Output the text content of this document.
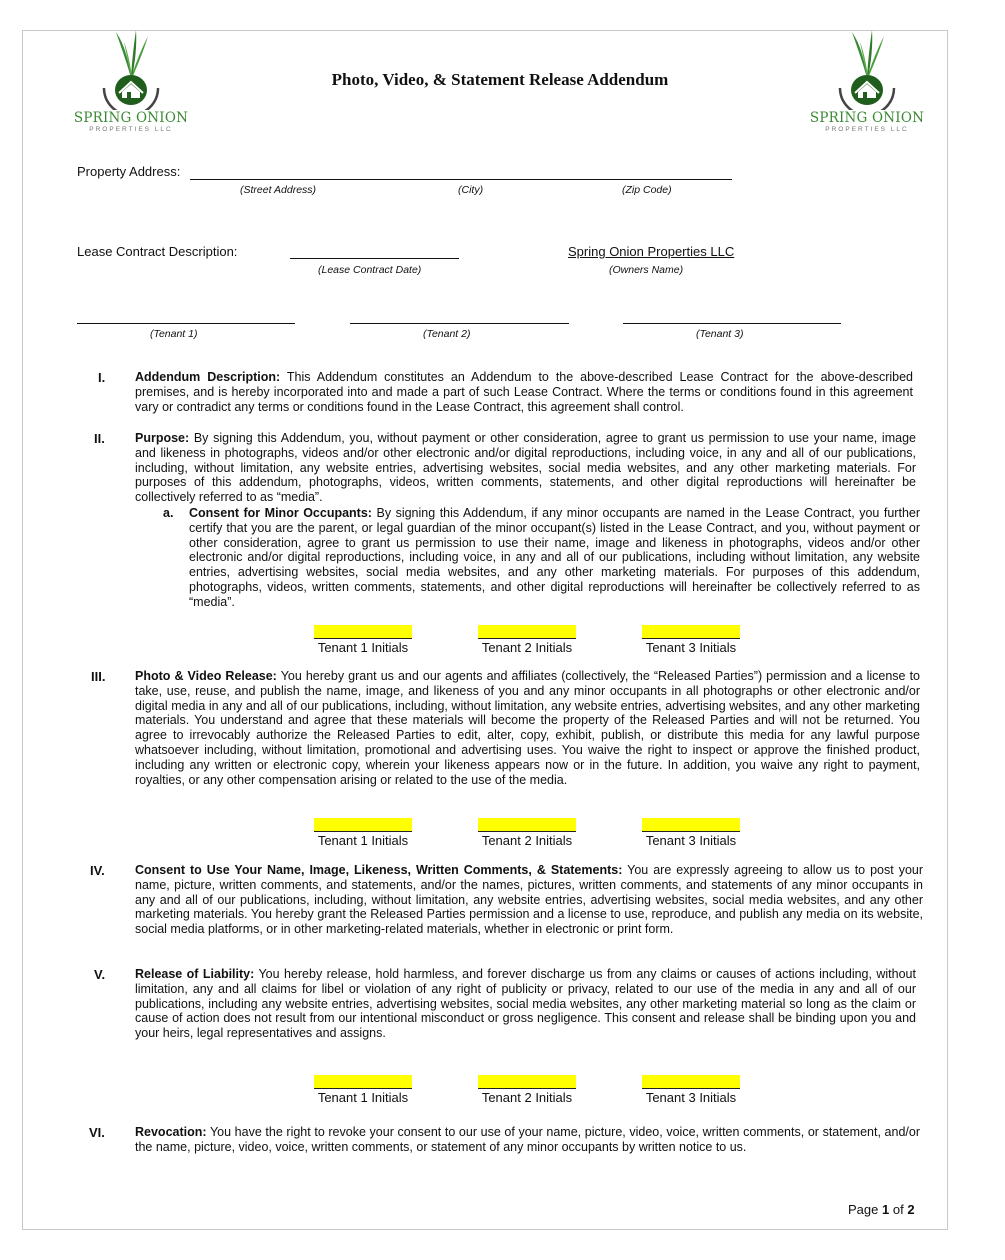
SPRING ONION
PROPERTIES LLC
SPRING ONION
PROPERTIES LLC
Photo, Video, & Statement Release Addendum
Property Address:
(Street Address)	(City)	(Zip Code)
Lease Contract Description:
(Lease Contract Date)
Spring Onion Properties LLC
(Owners Name)
(Tenant 1)	(Tenant 2)	(Tenant 3)
I. Addendum Description: This Addendum constitutes an Addendum to the above-described Lease Contract for the above-described premises, and is hereby incorporated into and made a part of such Lease Contract. Where the terms or conditions found in this agreement vary or contradict any terms or conditions found in the Lease Contract, this agreement shall control.
II. Purpose: By signing this Addendum, you, without payment or other consideration, agree to grant us permission to use your name, image and likeness in photographs, videos and/or other electronic and/or digital reproductions, including voice, in any and all of our publications, including, without limitation, any website entries, advertising websites, social media websites, and any other marketing materials. For purposes of this addendum, photographs, videos, written comments, statements, and other digital reproductions will hereinafter be collectively referred to as “media”.
a. Consent for Minor Occupants: By signing this Addendum, if any minor occupants are named in the Lease Contract, you further certify that you are the parent, or legal guardian of the minor occupant(s) listed in the Lease Contract, and you, without payment or other consideration, agree to grant us permission to use their name, image and likeness in photographs, videos and/or other electronic and/or digital reproductions, including voice, in any and all of our publications, including without limitation, any website entries, advertising websites, social media websites, and any other marketing materials. For purposes of this addendum, photographs, videos, written comments, statements, and other digital reproductions will hereinafter be collectively referred to as “media”.
Tenant 1 Initials	Tenant 2 Initials	Tenant 3 Initials
III. Photo & Video Release: You hereby grant us and our agents and affiliates (collectively, the “Released Parties”) permission and a license to take, use, reuse, and publish the name, image, and likeness of you and any minor occupants in all photographs or other electronic and/or digital media in any and all of our publications, including, without limitation, any website entries, advertising websites, and any other marketing materials. You understand and agree that these materials will become the property of the Released Parties and will not be returned. You agree to irrevocably authorize the Released Parties to edit, alter, copy, exhibit, publish, or distribute this media for any lawful purpose whatsoever including, without limitation, promotional and advertising uses. You waive the right to inspect or approve the finished product, including any written or electronic copy, wherein your likeness appears now or in the future. In addition, you waive any right to payment, royalties, or any other compensation arising or related to the use of the media.
Tenant 1 Initials	Tenant 2 Initials	Tenant 3 Initials
IV. Consent to Use Your Name, Image, Likeness, Written Comments, & Statements: You are expressly agreeing to allow us to post your name, picture, written comments, and statements, and/or the names, pictures, written comments, and statements of any minor occupants in any and all of our publications, including, without limitation, any website entries, advertising websites, social media websites, and any other marketing materials. You hereby grant the Released Parties permission and a license to use, reproduce, and publish any media on its website, social media platforms, or in other marketing-related materials, whether in electronic or print form.
V. Release of Liability: You hereby release, hold harmless, and forever discharge us from any claims or causes of actions including, without limitation, any and all claims for libel or violation of any right of publicity or privacy, related to our use of the media in any and all of our publications, including any website entries, advertising websites, social media websites, any other marketing material so long as the claim or cause of action does not result from our intentional misconduct or gross negligence. This consent and release shall be binding upon you and your heirs, legal representatives and assigns.
Tenant 1 Initials	Tenant 2 Initials	Tenant 3 Initials
VI. Revocation: You have the right to revoke your consent to our use of your name, picture, video, voice, written comments, or statement, and/or the name, picture, video, voice, written comments, or statement of any minor occupants by written notice to us.
Page 1 of 2
